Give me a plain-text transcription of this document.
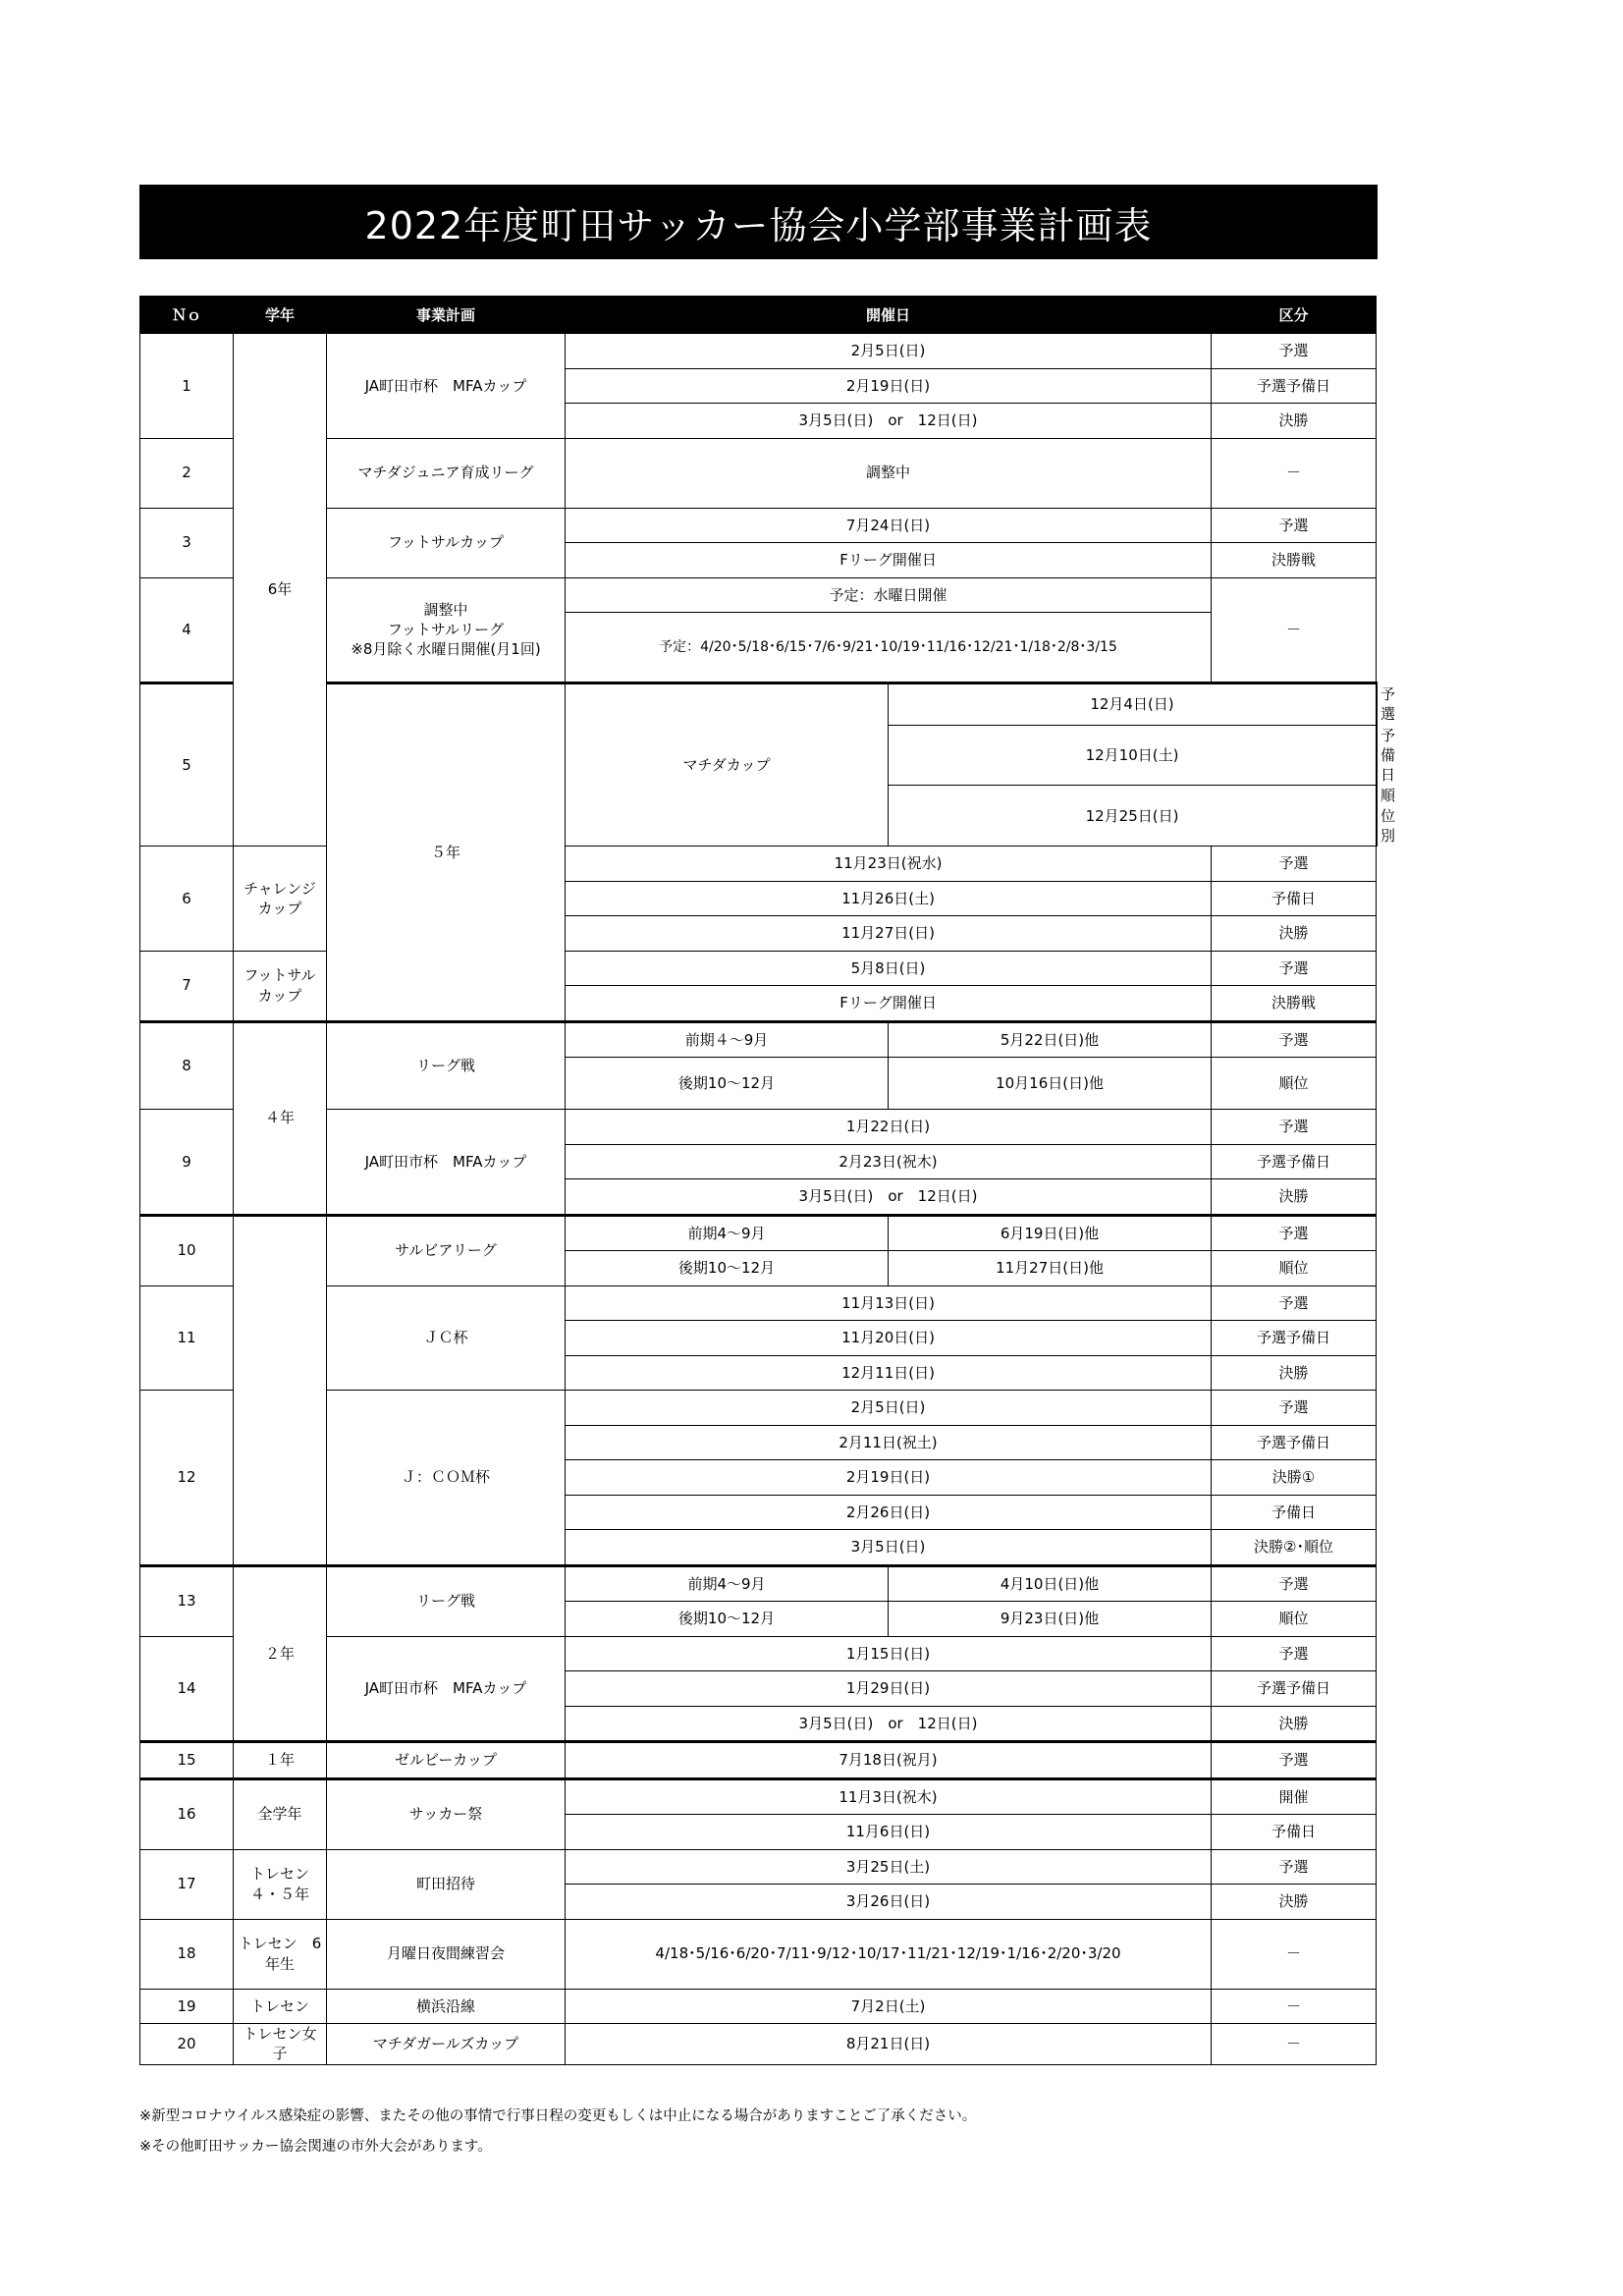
2022年度町田サッカー協会小学部事業計画表
Ｎｏ	学年	事業計画	開催日		区分	
1	6年	JA町田市杯　MFAカップ	2月5日(日)		予選	
			2月19日(日)		予選予備日	
			3月5日(日)　or　12日(日)		決勝	
2		マチダジュニア育成リーグ	調整中		－	
3		フットサルカップ	7月24日(日)		予選	
			Fリーグ開催日		決勝戦	
4		調整中
フットサルリーグ
※8月除く水曜日開催(月1回)	予定：水曜日開催		－	
			予定：4/20･5/18･6/15･7/6･9/21･10/19･11/16･12/21･1/18･2/8･3/15			
5		５年	マチダカップ	12月4日(日)		予選
				12月10日(土)		予備日
				12月25日(日)		順位別
6	チャレンジカップ		11月23日(祝水)		予選	
			11月26日(土)		予備日	
			11月27日(日)		決勝	
7	フットサルカップ		5月8日(日)		予選	
			Fリーグ開催日		決勝戦	
8	４年	リーグ戦	前期４～9月	5月22日(日)他	予選	
			後期10～12月	10月16日(日)他	順位	
9		JA町田市杯　MFAカップ	1月22日(日)		予選	
			2月23日(祝木)		予選予備日	
			3月5日(日)　or　12日(日)		決勝	
10		サルビアリーグ	前期4～9月	6月19日(日)他	予選	
			後期10～12月	11月27日(日)他	順位	
11		ＪＣ杯	11月13日(日)		予選	
			11月20日(日)		予選予備日	
			12月11日(日)		決勝	
12		Ｊ：ＣＯＭ杯	2月5日(日)		予選	
			2月11日(祝土)		予選予備日	
			2月19日(日)		決勝①	
			2月26日(日)		予備日	
			3月5日(日)		決勝②･順位	
13	２年	リーグ戦	前期4～9月	4月10日(日)他	予選	
			後期10～12月	9月23日(日)他	順位	
14		JA町田市杯　MFAカップ	1月15日(日)		予選	
			1月29日(日)		予選予備日	
			3月5日(日)　or　12日(日)		決勝	
15	１年	ゼルビーカップ	7月18日(祝月)		予選	
16	全学年	サッカー祭	11月3日(祝木)		開催	
			11月6日(日)		予備日	
17	トレセン　４・５年	町田招待	3月25日(土)		予選	
			3月26日(日)		決勝	
18	トレセン　6年生	月曜日夜間練習会	4/18･5/16･6/20･7/11･9/12･10/17･11/21･12/19･1/16･2/20･3/20		－	
19	トレセン	横浜沿線	7月2日(土)		－	
20	トレセン女子	マチダガールズカップ	8月21日(日)		－	
※新型コロナウイルス感染症の影響、またその他の事情で行事日程の変更もしくは中止になる場合がありますことご了承ください。
※その他町田サッカー協会関連の市外大会があります。
